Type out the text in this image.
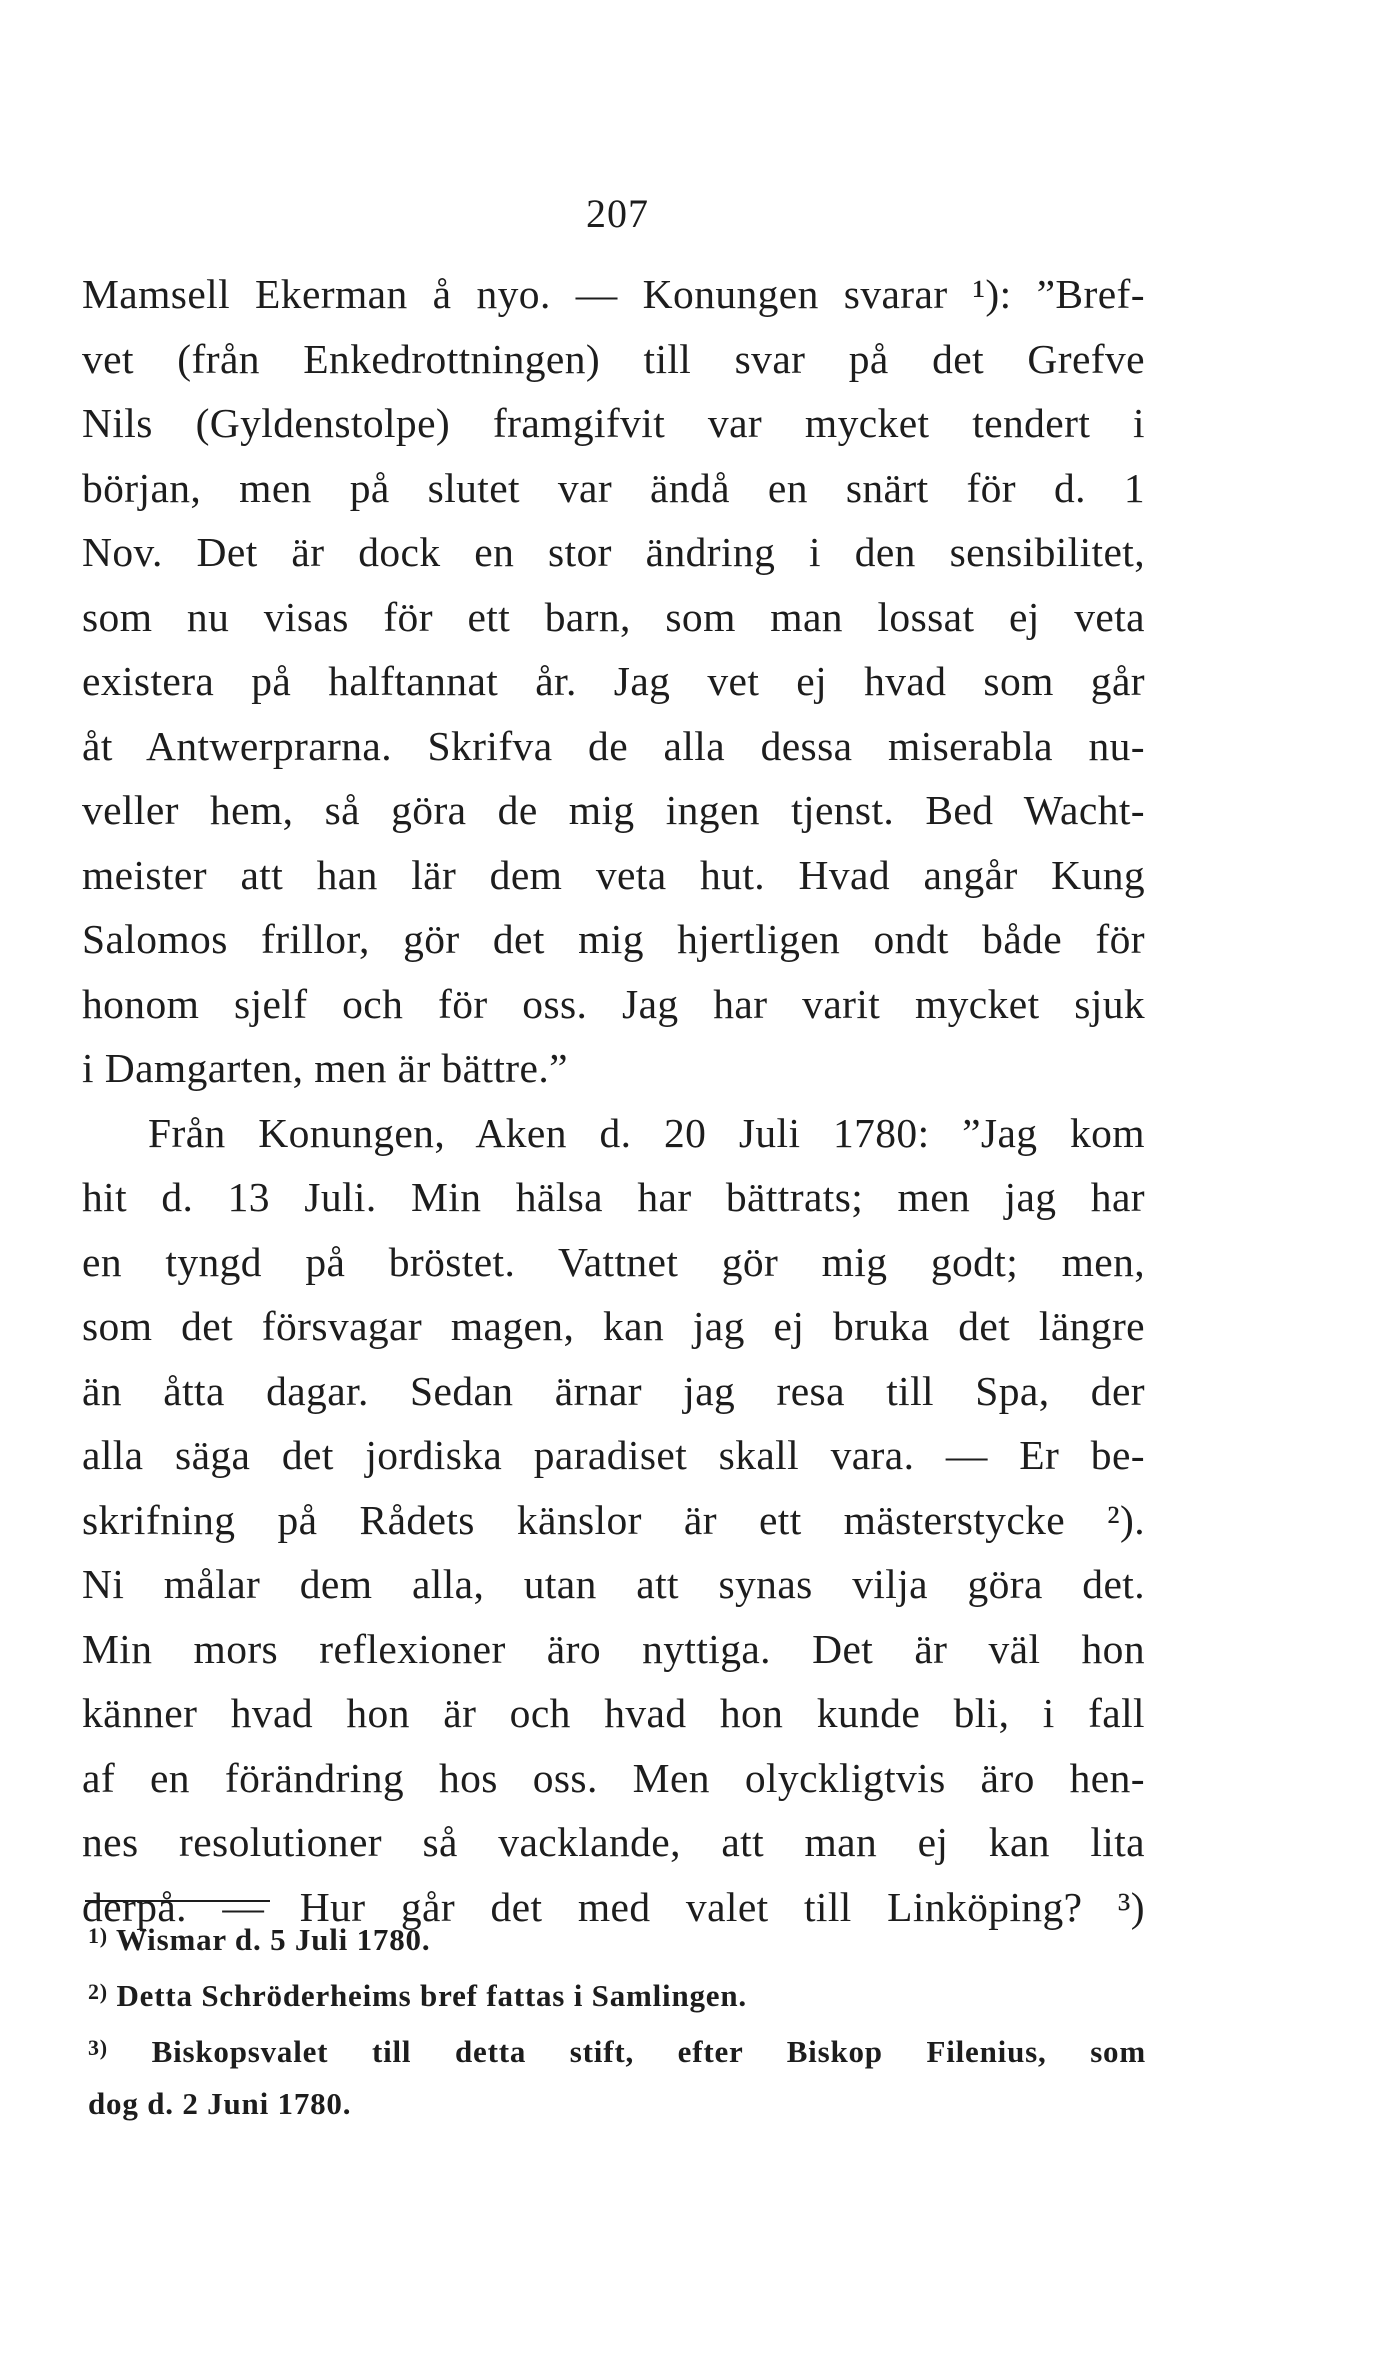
207
Mamsell Ekerman å nyo. — Konungen svarar ¹): ”Bref-
vet (från Enkedrottningen) till svar på det Grefve
Nils (Gyldenstolpe) framgifvit var mycket tendert i
början, men på slutet var ändå en snärt för d. 1
Nov. Det är dock en stor ändring i den sensibilitet,
som nu visas för ett barn, som man lossat ej veta
existera på halftannat år. Jag vet ej hvad som går
åt Antwerprarna. Skrifva de alla dessa miserabla nu-
veller hem, så göra de mig ingen tjenst. Bed Wacht-
meister att han lär dem veta hut. Hvad angår Kung
Salomos frillor, gör det mig hjertligen ondt både för
honom sjelf och för oss. Jag har varit mycket sjuk
i Damgarten, men är bättre.”
Från Konungen, Aken d. 20 Juli 1780: ”Jag kom
hit d. 13 Juli. Min hälsa har bättrats; men jag har
en tyngd på bröstet. Vattnet gör mig godt; men,
som det försvagar magen, kan jag ej bruka det längre
än åtta dagar. Sedan ärnar jag resa till Spa, der
alla säga det jordiska paradiset skall vara. — Er be-
skrifning på Rådets känslor är ett mästerstycke ²).
Ni målar dem alla, utan att synas vilja göra det.
Min mors reflexioner äro nyttiga. Det är väl hon
känner hvad hon är och hvad hon kunde bli, i fall
af en förändring hos oss. Men olyckligtvis äro hen-
nes resolutioner så vacklande, att man ej kan lita
derpå. — Hur går det med valet till Linköping? ³)
$^{1)}$ Wismar d. 5 Juli 1780.
$^{2)}$ Detta Schröderheims bref fattas i Samlingen.
$^{3)}$ Biskopsvalet till detta stift, efter Biskop Filenius, som
dog d. 2 Juni 1780.
